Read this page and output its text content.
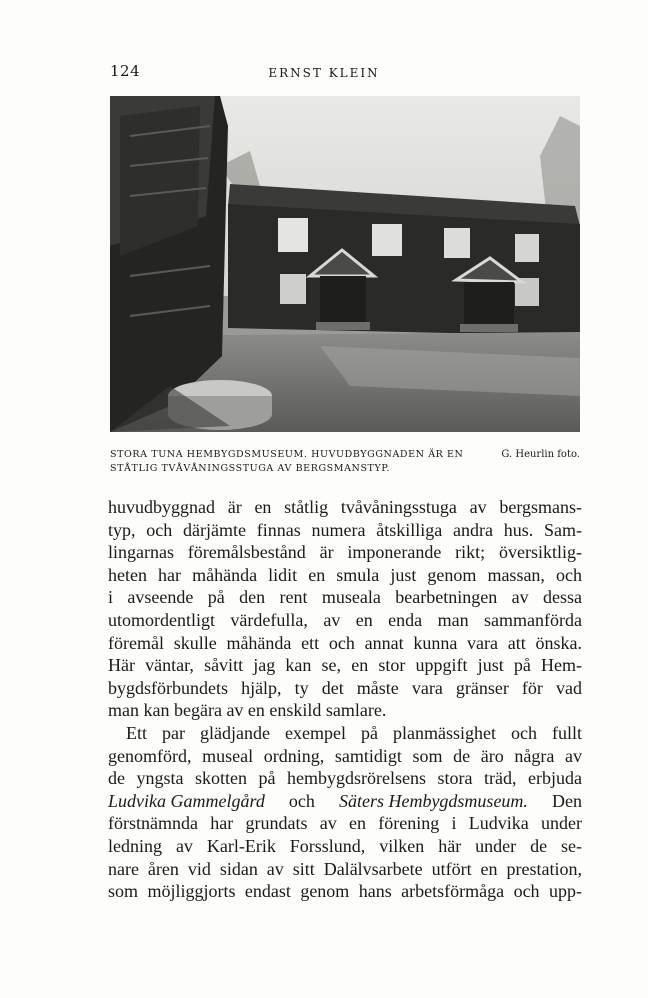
124	ERNST KLEIN
STORA TUNA HEMBYGDSMUSEUM. HUVUDBYGGNADEN ÄR EN
STÅTLIG TVÅVÅNINGSSTUGA AV BERGSMANSTYP.
G. Heurlin foto.
huvudbyggnad är en ståtlig tvåvåningsstuga av bergsmans-
typ, och därjämte finnas numera åtskilliga andra hus. Sam-
lingarnas föremålsbestånd är imponerande rikt; översiktlig-
heten har måhända lidit en smula just genom massan, och
i avseende på den rent museala bearbetningen av dessa
utomordentligt värdefulla, av en enda man sammanförda
föremål skulle måhända ett och annat kunna vara att önska.
Här väntar, såvitt jag kan se, en stor uppgift just på Hem-
bygdsförbundets hjälp, ty det måste vara gränser för vad
man kan begära av en enskild samlare.
Ett par glädjande exempel på planmässighet och fullt
genomförd, museal ordning, samtidigt som de äro några av
de yngsta skotten på hembygdsrörelsens stora träd, erbjuda
Ludvika Gammelgård och Säters Hembygdsmuseum. Den
förstnämnda har grundats av en förening i Ludvika under
ledning av Karl-Erik Forsslund, vilken här under de se-
nare åren vid sidan av sitt Dalälvsarbete utfört en prestation,
som möjliggjorts endast genom hans arbetsförmåga och upp-
